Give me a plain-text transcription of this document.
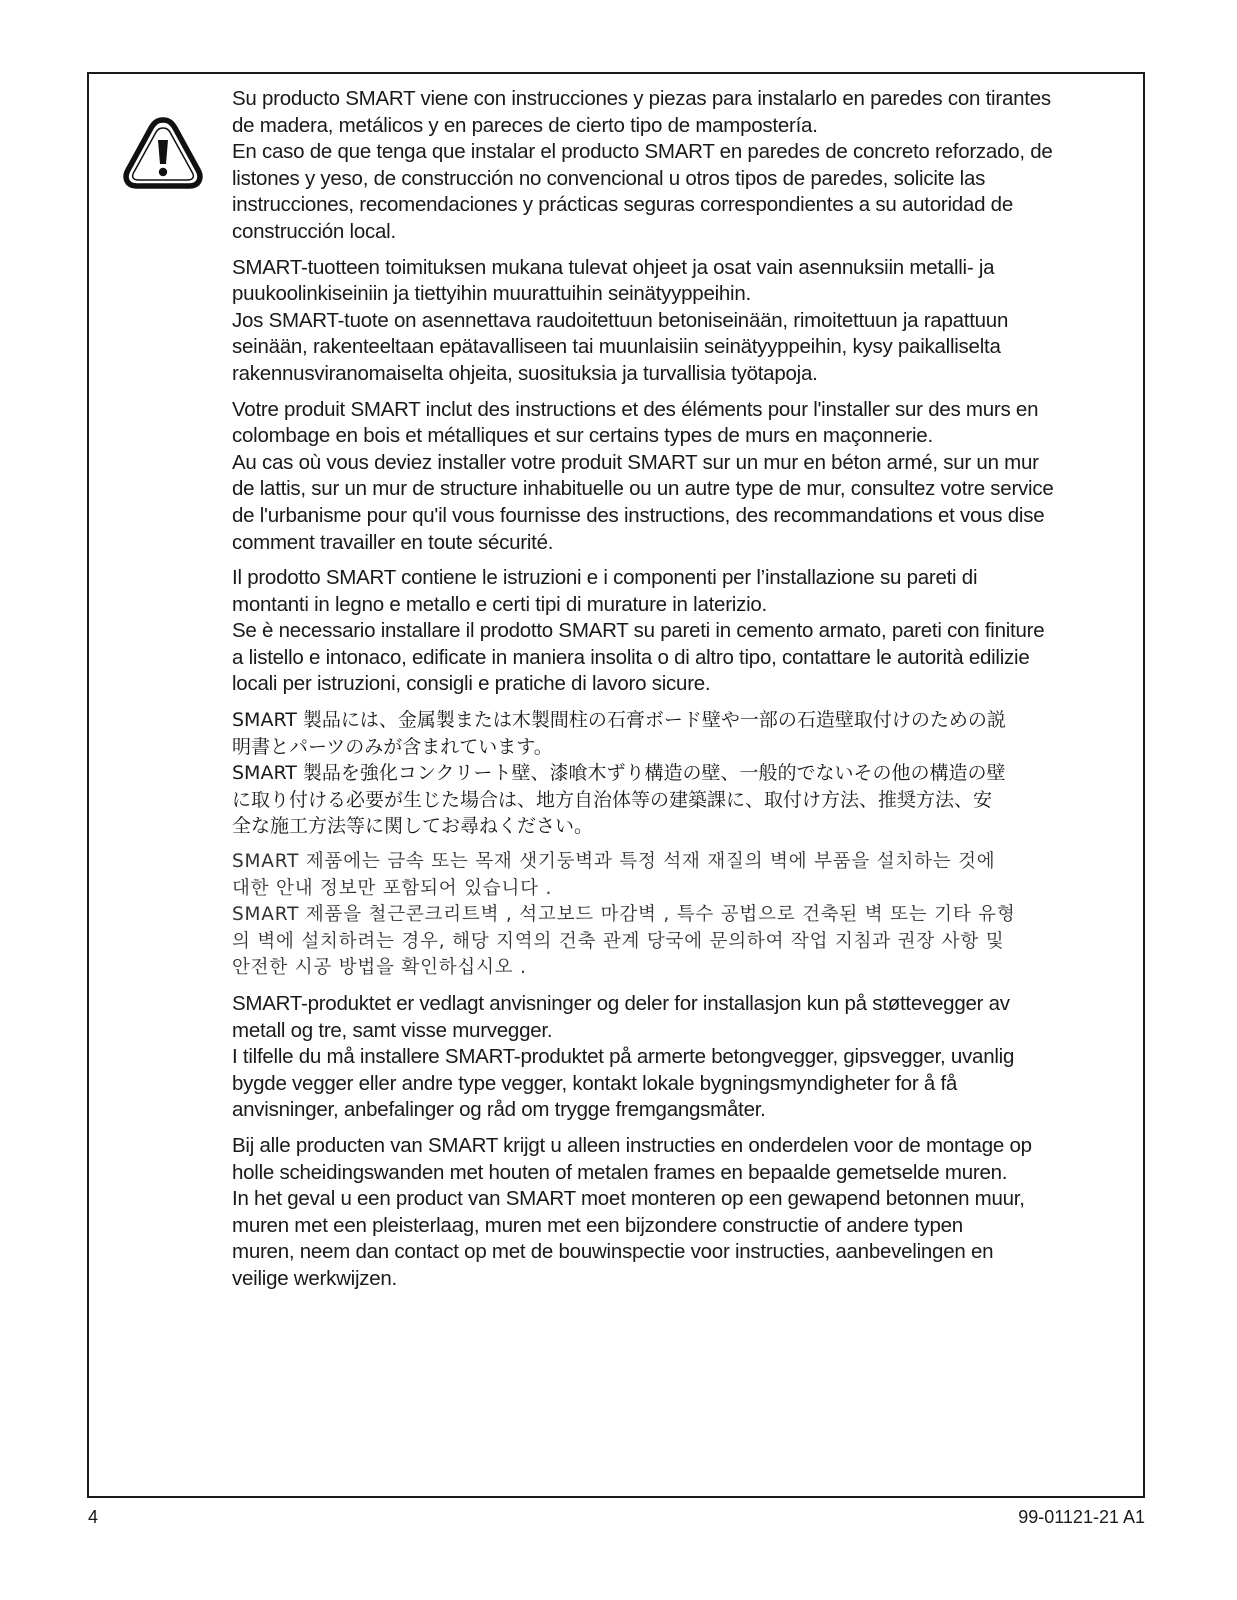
Su producto SMART viene con instrucciones y piezas para instalarlo en paredes con tirantes
de madera, metálicos y en pareces de cierto tipo de mampostería.
En caso de que tenga que instalar el producto SMART en paredes de concreto reforzado, de
listones y yeso, de construcción no convencional u otros tipos de paredes, solicite las
instrucciones, recomendaciones y prácticas seguras correspondientes a su autoridad de
construcción local.
SMART-tuotteen toimituksen mukana tulevat ohjeet ja osat vain asennuksiin metalli- ja
puukoolinkiseiniin ja tiettyihin muurattuihin seinätyyppeihin.
Jos SMART-tuote on asennettava raudoitettuun betoniseinään, rimoitettuun ja rapattuun
seinään, rakenteeltaan epätavalliseen tai muunlaisiin seinätyyppeihin, kysy paikalliselta
rakennusviranomaiselta ohjeita, suosituksia ja turvallisia työtapoja.
Votre produit SMART inclut des instructions et des éléments pour l'installer sur des murs en
colombage en bois et métalliques et sur certains types de murs en maçonnerie.
Au cas où vous deviez installer votre produit SMART sur un mur en béton armé, sur un mur
de lattis, sur un mur de structure inhabituelle ou un autre type de mur, consultez votre service
de l'urbanisme pour qu'il vous fournisse des instructions, des recommandations et vous dise
comment travailler en toute sécurité.
Il prodotto SMART contiene le istruzioni e i componenti per l’installazione su pareti di
montanti in legno e metallo e certi tipi di murature in laterizio.
Se è necessario installare il prodotto SMART su pareti in cemento armato, pareti con finiture
a listello e intonaco, edificate in maniera insolita o di altro tipo, contattare le autorità edilizie
locali per istruzioni, consigli e pratiche di lavoro sicure.
SMART 製品には、金属製または木製間柱の石膏ボード壁や一部の石造壁取付けのための説
明書とパーツのみが含まれています。
SMART 製品を強化コンクリート壁、漆喰木ずり構造の壁、一般的でないその他の構造の壁
に取り付ける必要が生じた場合は、地方自治体等の建築課に、取付け方法、推奨方法、安
全な施工方法等に関してお尋ねください。
SMART 제품에는 금속 또는 목재 샛기둥벽과 특정 석재 재질의 벽에 부품을 설치하는 것에
대한 안내 정보만 포함되어 있습니다 .
SMART 제품을 철근콘크리트벽 , 석고보드 마감벽 , 특수 공법으로 건축된 벽 또는 기타 유형
의 벽에 설치하려는 경우, 해당 지역의 건축 관계 당국에 문의하여 작업 지침과 권장 사항 및
안전한 시공 방법을 확인하십시오 .
SMART-produktet er vedlagt anvisninger og deler for installasjon kun på støttevegger av
metall og tre, samt visse murvegger.
I tilfelle du må installere SMART-produktet på armerte betongvegger, gipsvegger, uvanlig
bygde vegger eller andre type vegger, kontakt lokale bygningsmyndigheter for å få
anvisninger, anbefalinger og råd om trygge fremgangsmåter.
Bij alle producten van SMART krijgt u alleen instructies en onderdelen voor de montage op
holle scheidingswanden met houten of metalen frames en bepaalde gemetselde muren.
In het geval u een product van SMART moet monteren op een gewapend betonnen muur,
muren met een pleisterlaag, muren met een bijzondere constructie of andere typen
muren, neem dan contact op met de bouwinspectie voor instructies, aanbevelingen en
veilige werkwijzen.
4	99-01121-21 A1
